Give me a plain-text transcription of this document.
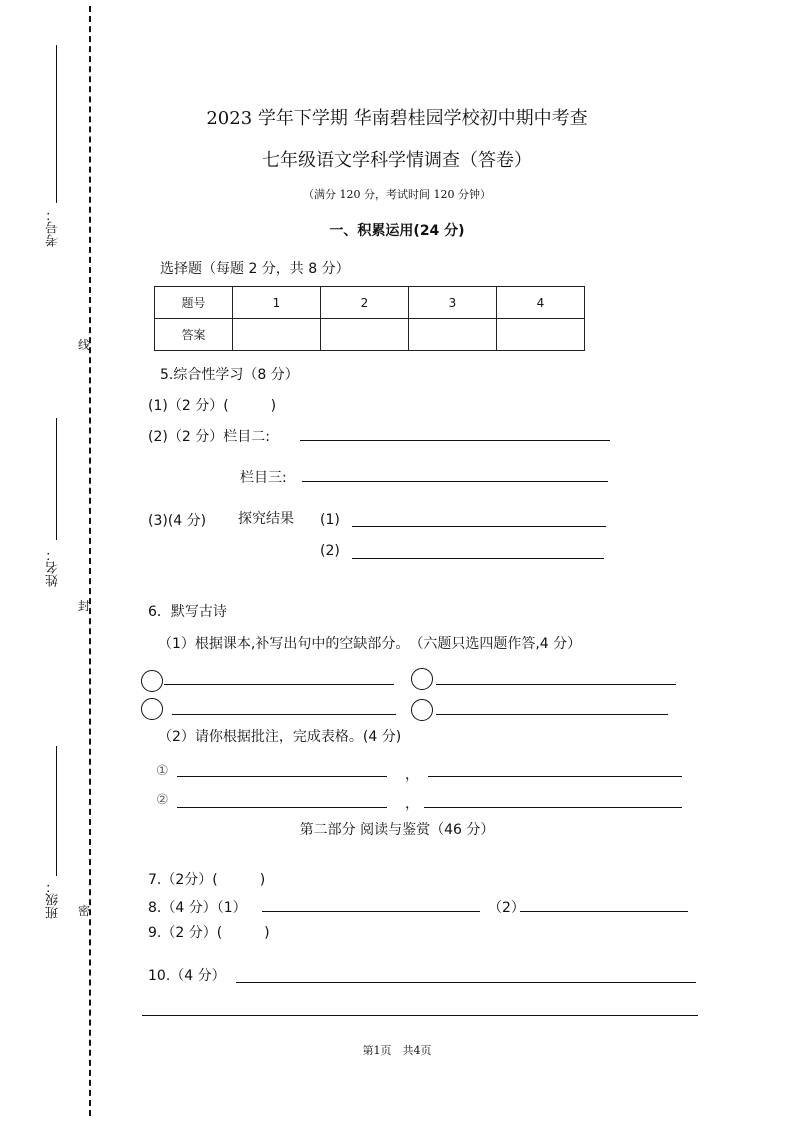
考号：
姓名：
班级：
线
封
密
2023 学年下学期 华南碧桂园学校初中期中考查
七年级语文学科学情调查（答卷）
（满分 120 分，考试时间 120 分钟）
一、积累运用(24 分)
选择题（每题 2 分，共 8 分）
题号	1	2	3	4
答案				
5.综合性学习（8 分）
(1)（2 分）(　　　)
(2)（2 分）栏目二:
栏目三:
(3)(4 分) 探究结果 (1)
(2)
6．默写古诗
（1）根据课本,补写出句中的空缺部分。　（六题只选四题作答,4 分）
（2）请你根据批注，完成表格。(4 分)
①	，
②	，
第二部分 阅读与鉴赏（46 分）
7.（2分）(　　　)
8.（4 分）（1）	（2）
9.（2 分）(　　　)
10.（4 分）
第1页　共4页
